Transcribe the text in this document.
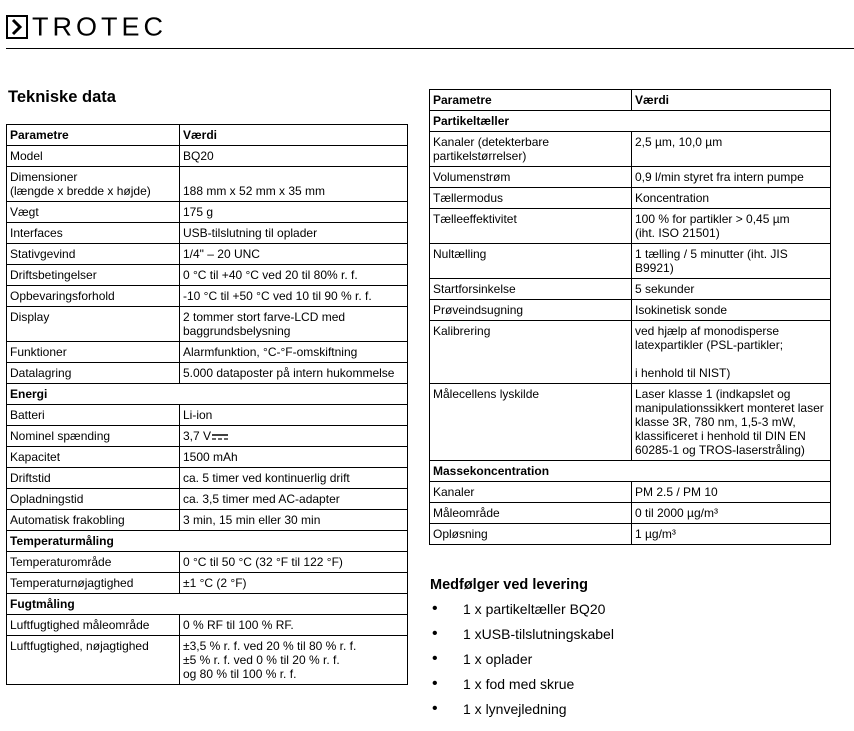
TROTEC
Tekniske data
Parametre	Værdi
Model	BQ20
Dimensioner
(længde x bredde x højde)	188 mm x 52 mm x 35 mm
Vægt	175 g
Interfaces	USB-tilslutning til oplader
Stativgevind	1/4" – 20 UNC
Driftsbetingelser	0 °C til +40 °C ved 20 til 80% r. f.
Opbevaringsforhold	-10 °C til +50 °C ved 10 til 90 % r. f.
Display	2 tommer stort farve-LCD med
baggrundsbelysning
Funktioner	Alarmfunktion, °C-°F-omskiftning
Datalagring	5.000 dataposter på intern hukommelse
Energi	
Batteri	Li-ion
Nominel spænding	3,7 V
Kapacitet	1500 mAh
Driftstid	ca. 5 timer ved kontinuerlig drift
Opladningstid	ca. 3,5 timer med AC-adapter
Automatisk frakobling	3 min, 15 min eller 30 min
Temperaturmåling	
Temperaturområde	0 °C til 50 °C (32 °F til 122 °F)
Temperaturnøjagtighed	±1 °C (2 °F)
Fugtmåling	
Luftfugtighed måleområde	0 % RF til 100 % RF.
Luftfugtighed, nøjagtighed	±3,5 % r. f. ved 20 % til 80 % r. f.
±5 % r. f. ved 0 % til 20 % r. f.
og 80 % til 100 % r. f.
Parametre	Værdi
Partikeltæller	
Kanaler (detekterbare
partikelstørrelser)	2,5 µm, 10,0 µm
Volumenstrøm	0,9 l/min styret fra intern pumpe
Tællermodus	Koncentration
Tælleeffektivitet	100 % for partikler > 0,45 µm
(iht. ISO 21501)
Nultælling	1 tælling / 5 minutter (iht. JIS B9921)
Startforsinkelse	5 sekunder
Prøveindsugning	Isokinetisk sonde
Kalibrering	ved hjælp af monodisperse
latexpartikler (PSL-partikler;

i henhold til NIST)
Målecellens lyskilde	Laser klasse 1 (indkapslet og
manipulationssikkert monteret laser
klasse 3R, 780 nm, 1,5-3 mW,
klassificeret i henhold til DIN EN
60285-1 og TROS-laserstråling)
Massekoncentration	
Kanaler	PM 2.5 / PM 10
Måleområde	0 til 2000 µg/m³
Opløsning	1 µg/m³
Medfølger ved levering
•	1 x partikeltæller BQ20
•	1 xUSB-tilslutningskabel
•	1 x oplader
•	1 x fod med skrue
•	1 x lynvejledning
